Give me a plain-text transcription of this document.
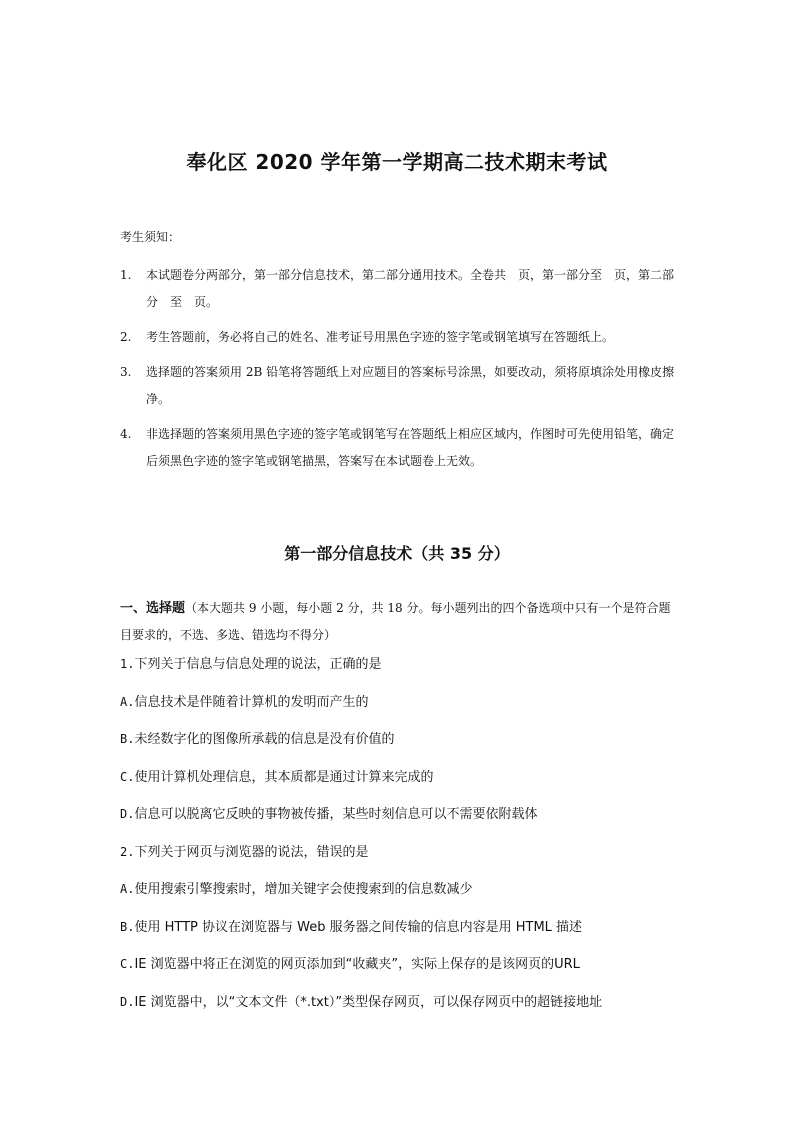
奉化区 2020 学年第一学期高二技术期末考试
考生须知：
1. 本试题卷分两部分，第一部分信息技术，第二部分通用技术。全卷共　页，第一部分至　页，第二部分　至　页。
2. 考生答题前，务必将自己的姓名、准考证号用黑色字迹的签字笔或钢笔填写在答题纸上。
3. 选择题的答案须用 2B 铅笔将答题纸上对应题目的答案标号涂黑，如要改动，须将原填涂处用橡皮擦净。
4. 非选择题的答案须用黑色字迹的签字笔或钢笔写在答题纸上相应区域内，作图时可先使用铅笔，确定后须黑色字迹的签字笔或钢笔描黑，答案写在本试题卷上无效。
第一部分信息技术（共 35 分）
一、选择题（本大题共 9 小题，每小题 2 分，共 18 分。每小题列出的四个备选项中只有一个是符合题目要求的，不选、多选、错选均不得分）
1.下列关于信息与信息处理的说法，正确的是
A.信息技术是伴随着计算机的发明而产生的
B.未经数字化的图像所承载的信息是没有价值的
C.使用计算机处理信息，其本质都是通过计算来完成的
D.信息可以脱离它反映的事物被传播，某些时刻信息可以不需要依附载体
2.下列关于网页与浏览器的说法，错误的是
A.使用搜索引擎搜索时，增加关键字会使搜索到的信息数减少
B.使用 HTTP 协议在浏览器与 Web 服务器之间传输的信息内容是用 HTML 描述
C.IE 浏览器中将正在浏览的网页添加到“收藏夹”，实际上保存的是该网页的URL
D.IE 浏览器中，以“文本文件（*.txt）”类型保存网页，可以保存网页中的超链接地址
